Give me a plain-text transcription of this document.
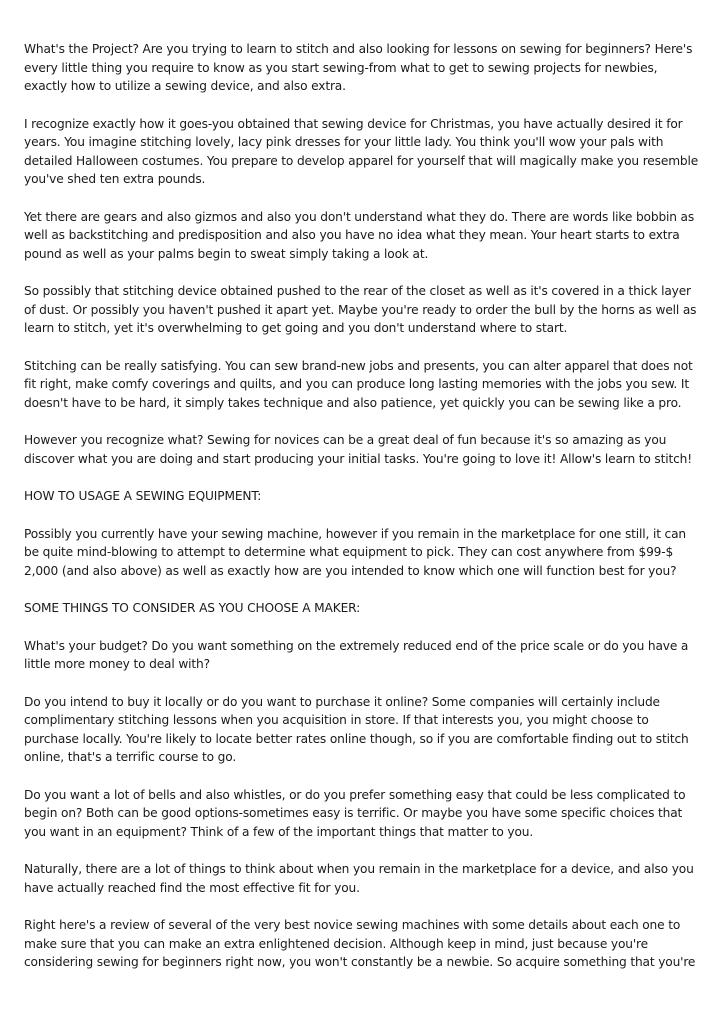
What's the Project? Are you trying to learn to stitch and also looking for lessons on sewing for beginners? Here's every little thing you require to know as you start sewing-from what to get to sewing projects for newbies, exactly how to utilize a sewing device, and also extra.

I recognize exactly how it goes-you obtained that sewing device for Christmas, you have actually desired it for years. You imagine stitching lovely, lacy pink dresses for your little lady. You think you'll wow your pals with detailed Halloween costumes. You prepare to develop apparel for yourself that will magically make you resemble you've shed ten extra pounds.

Yet there are gears and also gizmos and also you don't understand what they do. There are words like bobbin as well as backstitching and predisposition and also you have no idea what they mean. Your heart starts to extra pound as well as your palms begin to sweat simply taking a look at.

So possibly that stitching device obtained pushed to the rear of the closet as well as it's covered in a thick layer of dust. Or possibly you haven't pushed it apart yet. Maybe you're ready to order the bull by the horns as well as learn to stitch, yet it's overwhelming to get going and you don't understand where to start.

Stitching can be really satisfying. You can sew brand-new jobs and presents, you can alter apparel that does not fit right, make comfy coverings and quilts, and you can produce long lasting memories with the jobs you sew. It doesn't have to be hard, it simply takes technique and also patience, yet quickly you can be sewing like a pro.

However you recognize what? Sewing for novices can be a great deal of fun because it's so amazing as you discover what you are doing and start producing your initial tasks. You're going to love it! Allow's learn to stitch!

HOW TO USAGE A SEWING EQUIPMENT:

Possibly you currently have your sewing machine, however if you remain in the marketplace for one still, it can be quite mind-blowing to attempt to determine what equipment to pick. They can cost anywhere from $99-$ 2,000 (and also above) as well as exactly how are you intended to know which one will function best for you?

SOME THINGS TO CONSIDER AS YOU CHOOSE A MAKER:

What's your budget? Do you want something on the extremely reduced end of the price scale or do you have a little more money to deal with?

Do you intend to buy it locally or do you want to purchase it online? Some companies will certainly include complimentary stitching lessons when you acquisition in store. If that interests you, you might choose to purchase locally. You're likely to locate better rates online though, so if you are comfortable finding out to stitch online, that's a terrific course to go.

Do you want a lot of bells and also whistles, or do you prefer something easy that could be less complicated to begin on? Both can be good options-sometimes easy is terrific. Or maybe you have some specific choices that you want in an equipment? Think of a few of the important things that matter to you.

Naturally, there are a lot of things to think about when you remain in the marketplace for a device, and also you have actually reached find the most effective fit for you.

Right here's a review of several of the very best novice sewing machines with some details about each one to make sure that you can make an extra enlightened decision. Although keep in mind, just because you're considering sewing for beginners right now, you won't constantly be a newbie. So acquire something that you're
